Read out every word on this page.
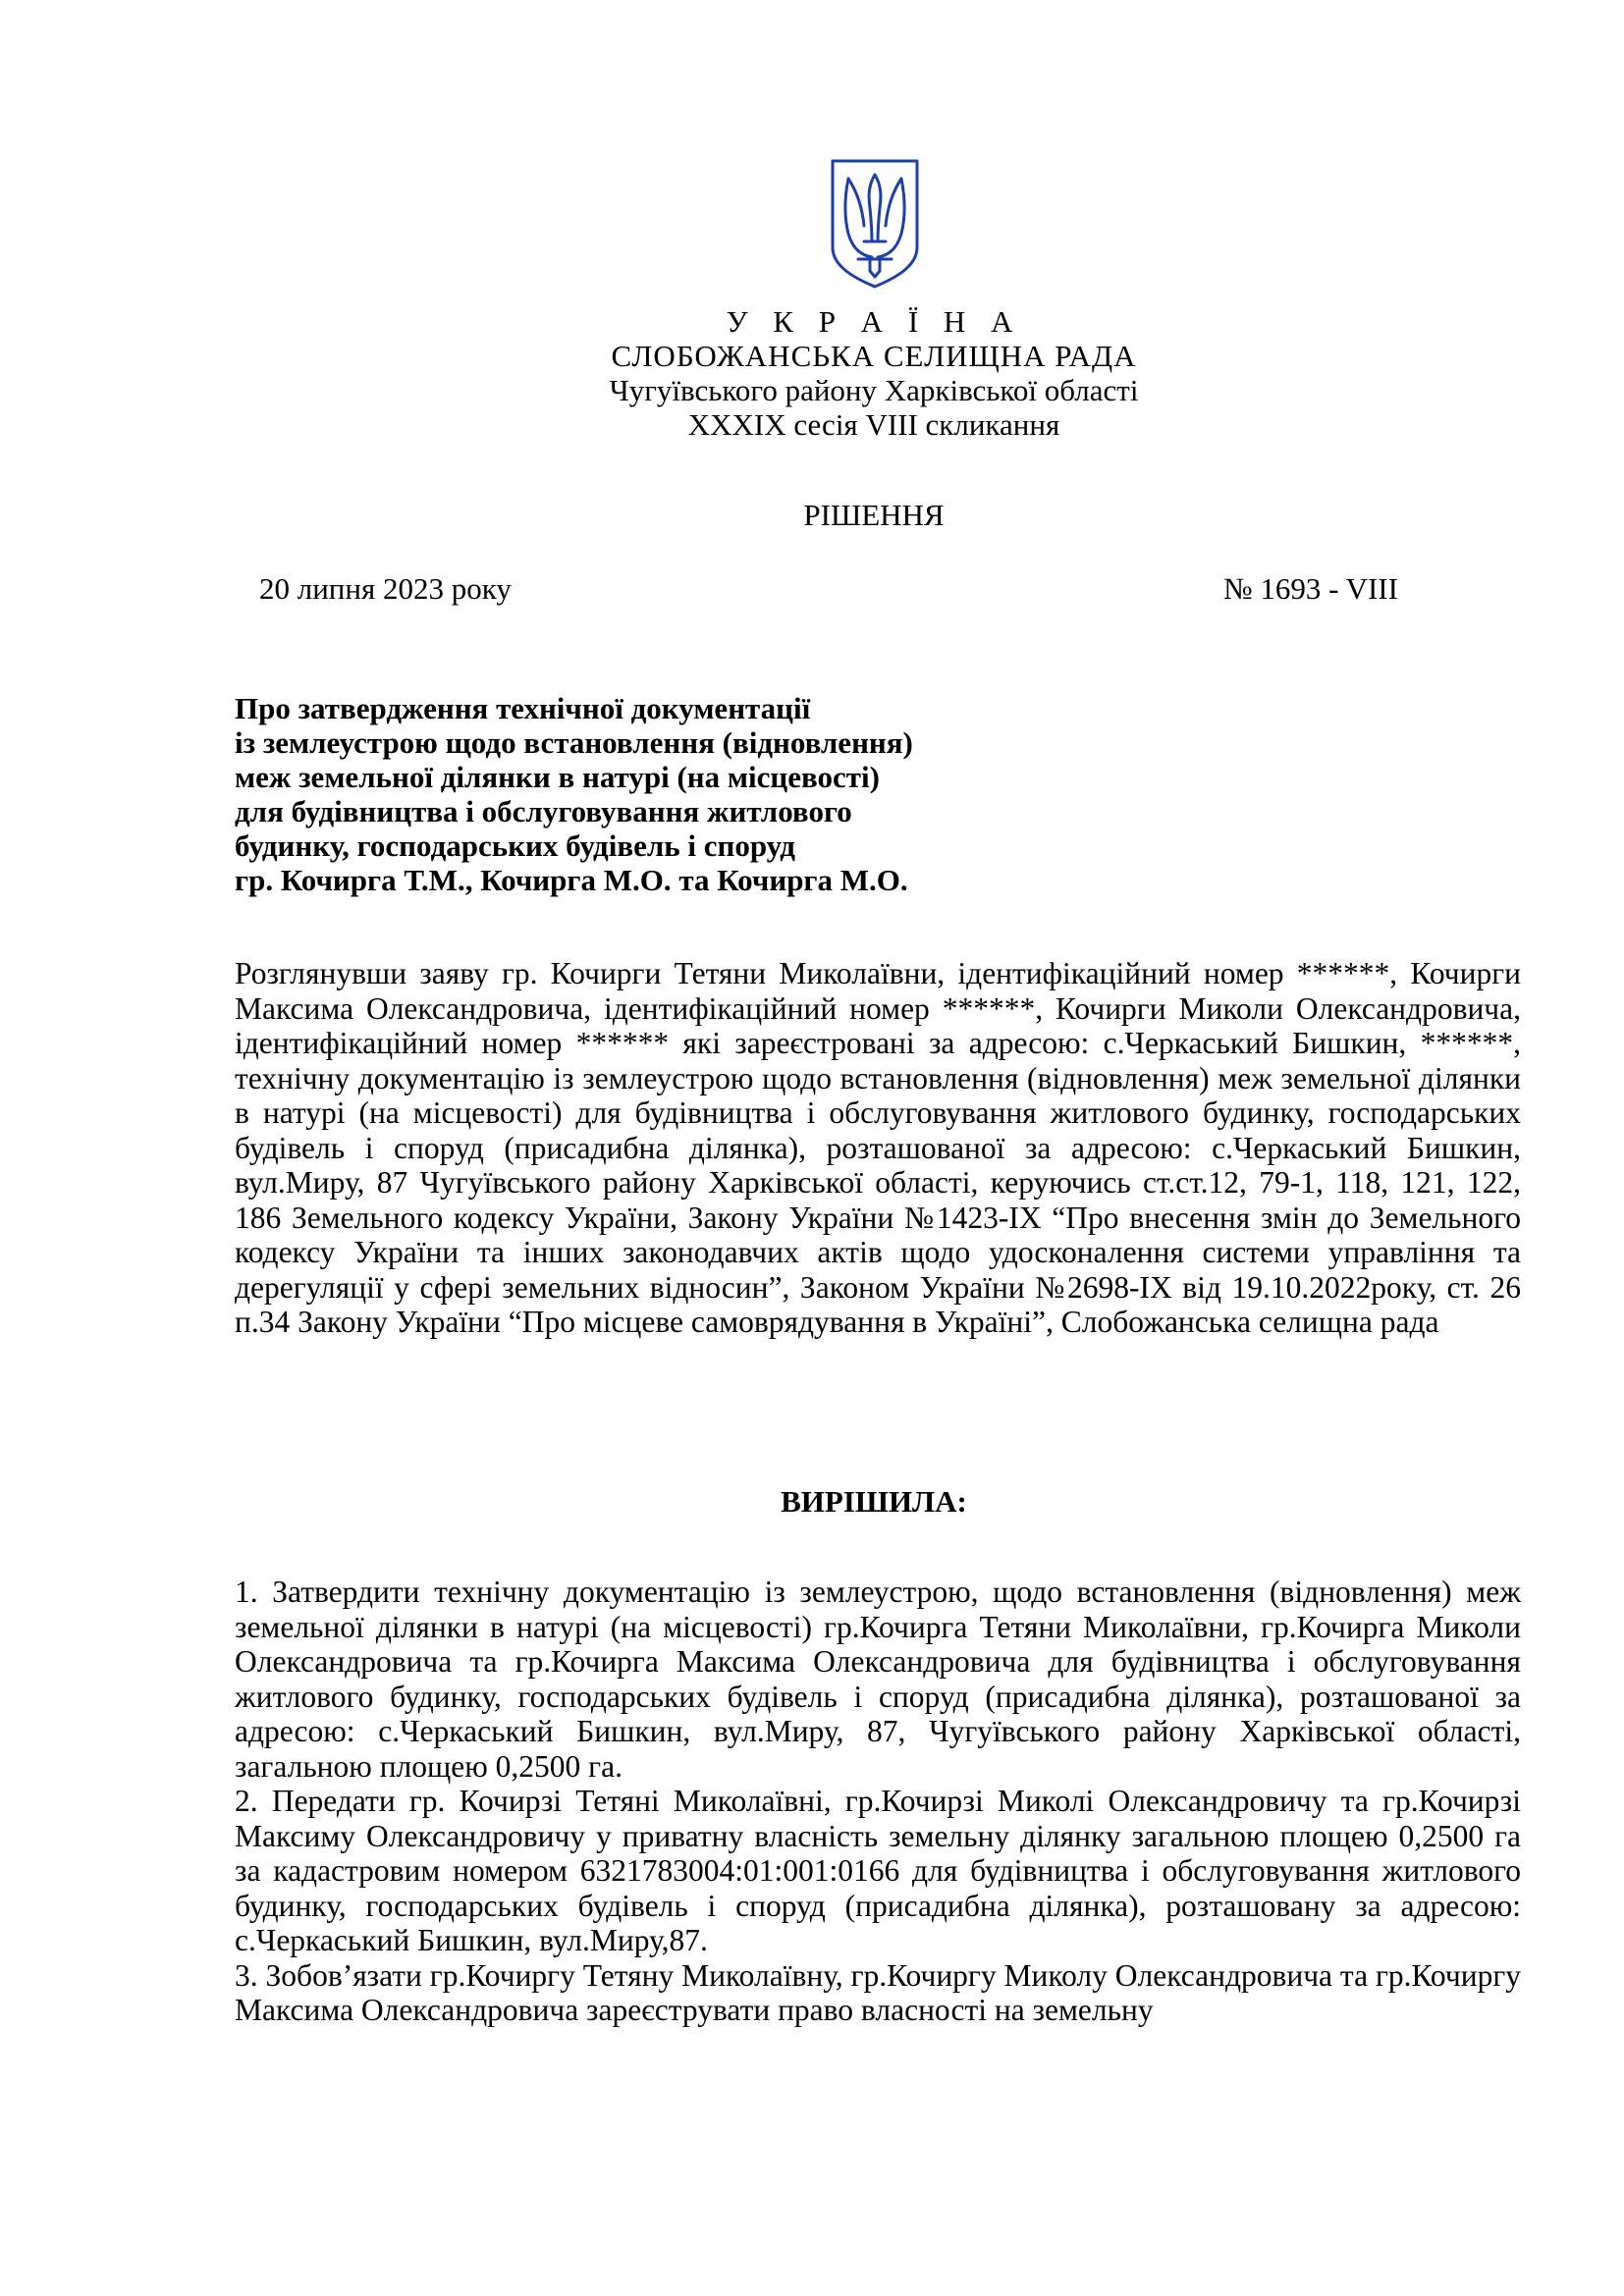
У К Р А Ї Н А
СЛОБОЖАНСЬКА СЕЛИЩНА РАДА
Чугуївського району Харківської області
XXXIX сесія VIII скликання
РІШЕННЯ
20 липня 2023 року	№ 1693 - VIII
Про затвердження технічної документації
із землеустрою щодо встановлення (відновлення)
меж земельної ділянки в натурі (на місцевості)
для будівництва і обслуговування житлового
будинку, господарських будівель і споруд
гр. Кочирга Т.М., Кочирга М.О. та Кочирга М.О.
Розглянувши заяву гр. Кочирги Тетяни Миколаївни, ідентифікаційний номер ******, Кочирги Максима Олександровича, ідентифікаційний номер ******, Кочирги Миколи Олександровича, ідентифікаційний номер ****** які зареєстровані за адресою: с.Черкаський Бишкин, ******, технічну документацію із землеустрою щодо встановлення (відновлення) меж земельної ділянки в натурі (на місцевості) для будівництва і обслуговування житлового будинку, господарських будівель і споруд (присадибна ділянка), розташованої за адресою: с.Черкаський Бишкин, вул.Миру, 87 Чугуївського району Харківської області, керуючись ст.ст.12, 79-1, 118, 121, 122, 186 Земельного кодексу України, Закону України №1423-IX “Про внесення змін до Земельного кодексу України та інших законодавчих актів щодо удосконалення системи управління та дерегуляції у сфері земельних відносин”, Законом України №2698-IX від 19.10.2022року, ст. 26 п.34 Закону України “Про місцеве самоврядування в Україні”, Слобожанська селищна рада
ВИРІШИЛА:

1. Затвердити технічну документацію із землеустрою, щодо встановлення (відновлення) меж земельної ділянки в натурі (на місцевості) гр.Кочирга Тетяни Миколаївни, гр.Кочирга Миколи Олександровича та гр.Кочирга Максима Олександровича для будівництва і обслуговування житлового будинку, господарських будівель і споруд (присадибна ділянка), розташованої за адресою: с.Черкаський Бишкин, вул.Миру, 87, Чугуївського району Харківської області, загальною площею 0,2500 га.

2. Передати гр. Кочирзі Тетяні Миколаївні, гр.Кочирзі Миколі Олександровичу та гр.Кочирзі Максиму Олександровичу у приватну власність земельну ділянку загальною площею 0,2500 га за кадастровим номером 6321783004:01:001:0166 для будівництва і обслуговування житлового будинку, господарських будівель і споруд (присадибна ділянка), розташовану за адресою: с.Черкаський Бишкин, вул.Миру,87.

3. Зобов’язати гр.Кочиргу Тетяну Миколаївну, гр.Кочиргу Миколу Олександровича та гр.Кочиргу Максима Олександровича зареєструвати право власності на земельну
